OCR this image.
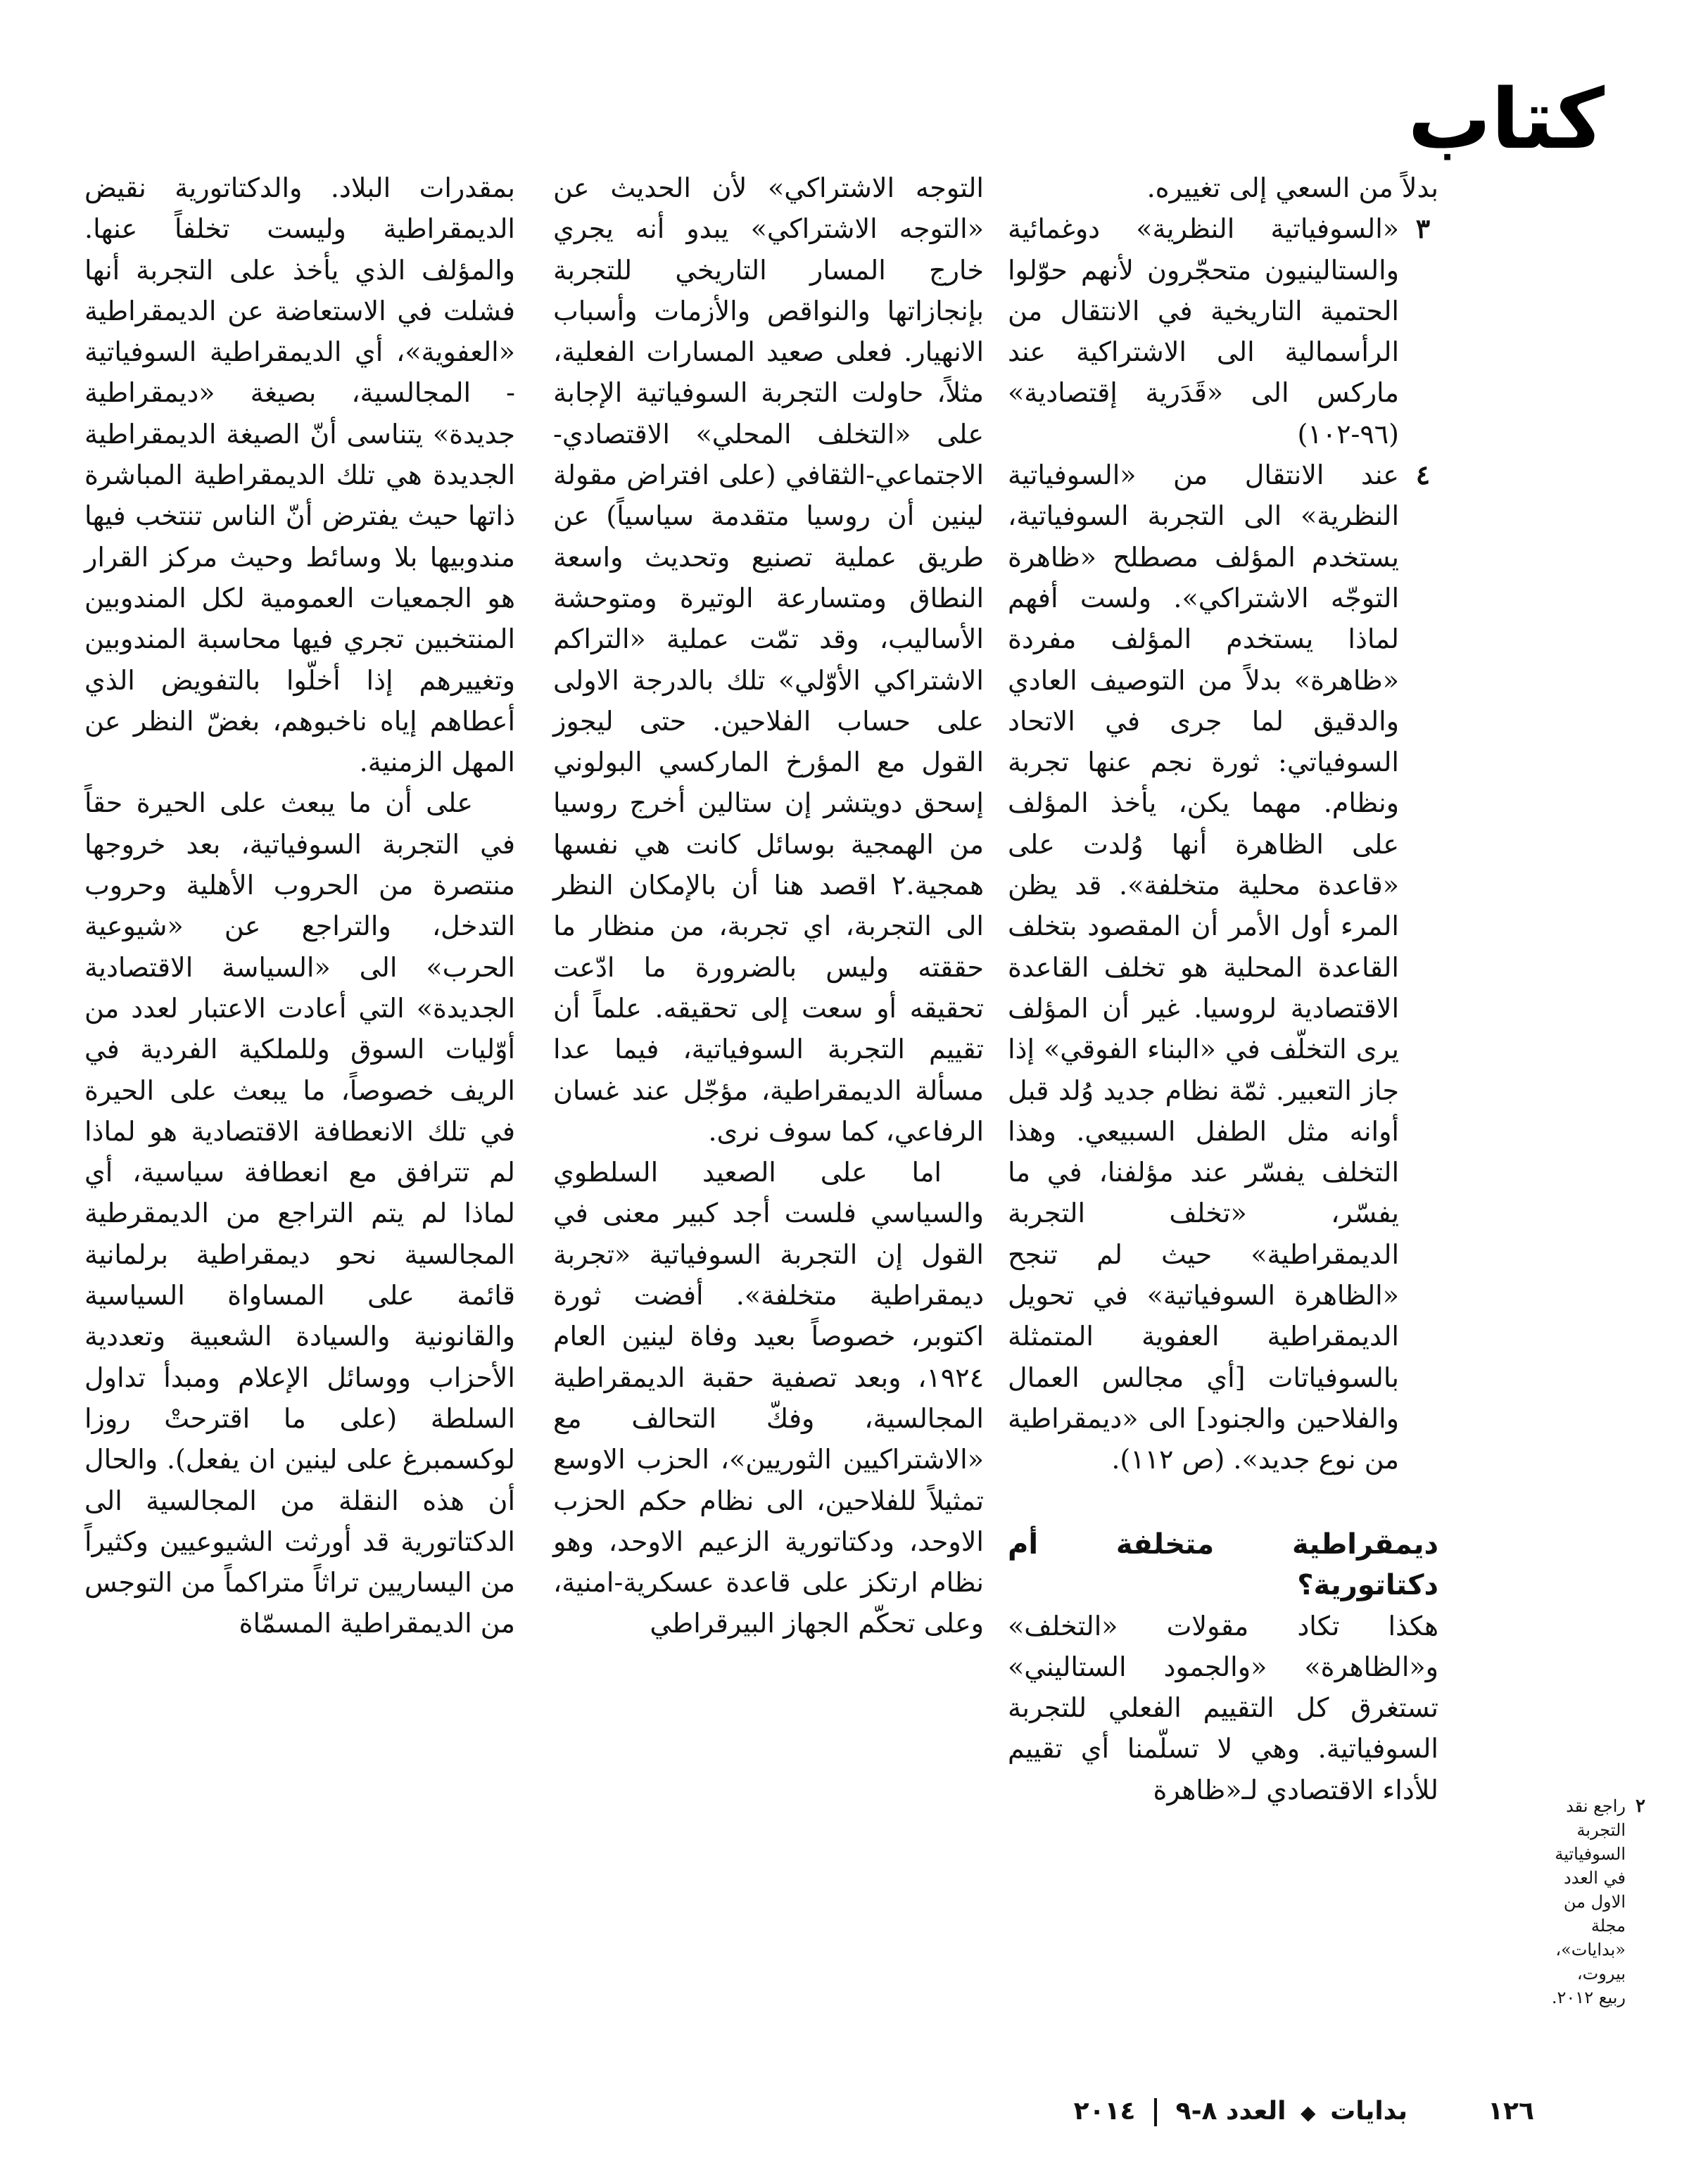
كتاب

بدلاً من السعي إلى تغييره.

٣
«السوفياتية النظرية» دوغمائية والستالينيون متحجّرون لأنهم حوّلوا الحتمية التاريخية في الانتقال من الرأسمالية الى الاشتراكية عند ماركس الى «قَدَرية إقتصادية» (٩٦-١٠٢)

٤
عند الانتقال من «السوفياتية النظرية» الى التجربة السوفياتية، يستخدم المؤلف مصطلح «ظاهرة التوجّه الاشتراكي». ولست أفهم لماذا يستخدم المؤلف مفردة «ظاهرة» بدلاً من التوصيف العادي والدقيق لما جرى في الاتحاد السوفياتي: ثورة نجم عنها تجربة ونظام. مهما يكن، يأخذ المؤلف على الظاهرة أنها وُلدت على «قاعدة محلية متخلفة». قد يظن المرء أول الأمر أن المقصود بتخلف القاعدة المحلية هو تخلف القاعدة الاقتصادية لروسيا. غير أن المؤلف يرى التخلّف في «البناء الفوقي» إذا جاز التعبير. ثمّة نظام جديد وُلد قبل أوانه مثل الطفل السبيعي. وهذا التخلف يفسّر عند مؤلفنا، في ما يفسّر، «تخلف التجربة الديمقراطية» حيث لم تنجح «الظاهرة السوفياتية» في تحويل الديمقراطية العفوية المتمثلة بالسوفياتات [أي مجالس العمال والفلاحين والجنود] الى «ديمقراطية من نوع جديد». (ص ١١٢).

ديمقراطية متخلفة أم دكتاتورية؟

هكذا تكاد مقولات «التخلف» و«الظاهرة» «والجمود الستاليني» تستغرق كل التقييم الفعلي للتجربة السوفياتية. وهي لا تسلّمنا أي تقييم للأداء الاقتصادي لـ«ظاهرة

التوجه الاشتراكي» لأن الحديث عن «التوجه الاشتراكي» يبدو أنه يجري خارج المسار التاريخي للتجربة بإنجازاتها والنواقص والأزمات وأسباب الانهيار. فعلى صعيد المسارات الفعلية، مثلاً، حاولت التجربة السوفياتية الإجابة على «التخلف المحلي» الاقتصادي-الاجتماعي-الثقافي (على افتراض مقولة لينين أن روسيا متقدمة سياسياً) عن طريق عملية تصنيع وتحديث واسعة النطاق ومتسارعة الوتيرة ومتوحشة الأساليب، وقد تمّت عملية «التراكم الاشتراكي الأوّلي» تلك بالدرجة الاولى على حساب الفلاحين. حتى ليجوز القول مع المؤرخ الماركسي البولوني إسحق دويتشر إن ستالين أخرج روسيا من الهمجية بوسائل كانت هي نفسها همجية.٢ اقصد هنا أن بالإمكان النظر الى التجربة، اي تجربة، من منظار ما حققته وليس بالضرورة ما ادّعت تحقيقه أو سعت إلى تحقيقه. علماً أن تقييم التجربة السوفياتية، فيما عدا مسألة الديمقراطية، مؤجّل عند غسان الرفاعي، كما سوف نرى.

اما على الصعيد السلطوي والسياسي فلست أجد كبير معنى في القول إن التجربة السوفياتية «تجربة ديمقراطية متخلفة». أفضت ثورة اكتوبر، خصوصاً بعيد وفاة لينين العام ١٩٢٤، وبعد تصفية حقبة الديمقراطية المجالسية، وفكّ التحالف مع «الاشتراكيين الثوريين»، الحزب الاوسع تمثيلاً للفلاحين، الى نظام حكم الحزب الاوحد، ودكتاتورية الزعيم الاوحد، وهو نظام ارتكز على قاعدة عسكرية-امنية، وعلى تحكّم الجهاز البيرقراطي

بمقدرات البلاد. والدكتاتورية نقيض الديمقراطية وليست تخلفاً عنها. والمؤلف الذي يأخذ على التجربة أنها فشلت في الاستعاضة عن الديمقراطية «العفوية»، أي الديمقراطية السوفياتية - المجالسية، بصيغة «ديمقراطية جديدة» يتناسى أنّ الصيغة الديمقراطية الجديدة هي تلك الديمقراطية المباشرة ذاتها حيث يفترض أنّ الناس تنتخب فيها مندوبيها بلا وسائط وحيث مركز القرار هو الجمعيات العمومية لكل المندوبين المنتخبين تجري فيها محاسبة المندوبين وتغييرهم إذا أخلّوا بالتفويض الذي أعطاهم إياه ناخبوهم، بغضّ النظر عن المهل الزمنية.

على أن ما يبعث على الحيرة حقاً في التجربة السوفياتية، بعد خروجها منتصرة من الحروب الأهلية وحروب التدخل، والتراجع عن «شيوعية الحرب» الى «السياسة الاقتصادية الجديدة» التي أعادت الاعتبار لعدد من أوّليات السوق وللملكية الفردية في الريف خصوصاً، ما يبعث على الحيرة في تلك الانعطافة الاقتصادية هو لماذا لم تترافق مع انعطافة سياسية، أي لماذا لم يتم التراجع من الديمقرطية المجالسية نحو ديمقراطية برلمانية قائمة على المساواة السياسية والقانونية والسيادة الشعبية وتعددية الأحزاب ووسائل الإعلام ومبدأ تداول السلطة (على ما اقترحتْ روزا لوكسمبرغ على لينين ان يفعل). والحال أن هذه النقلة من المجالسية الى الدكتاتورية قد أورثت الشيوعيين وكثيراً من اليساريين تراثاً متراكماً من التوجس من الديمقراطية المسمّاة

٢
راجع نقد التجربة السوفياتية في العدد الاول من مجلة «بدايات»، بيروت، ربيع ٢٠١٢.
١٢٦
بدايات ◆ العدد ٨-٩  ٢٠١٤
